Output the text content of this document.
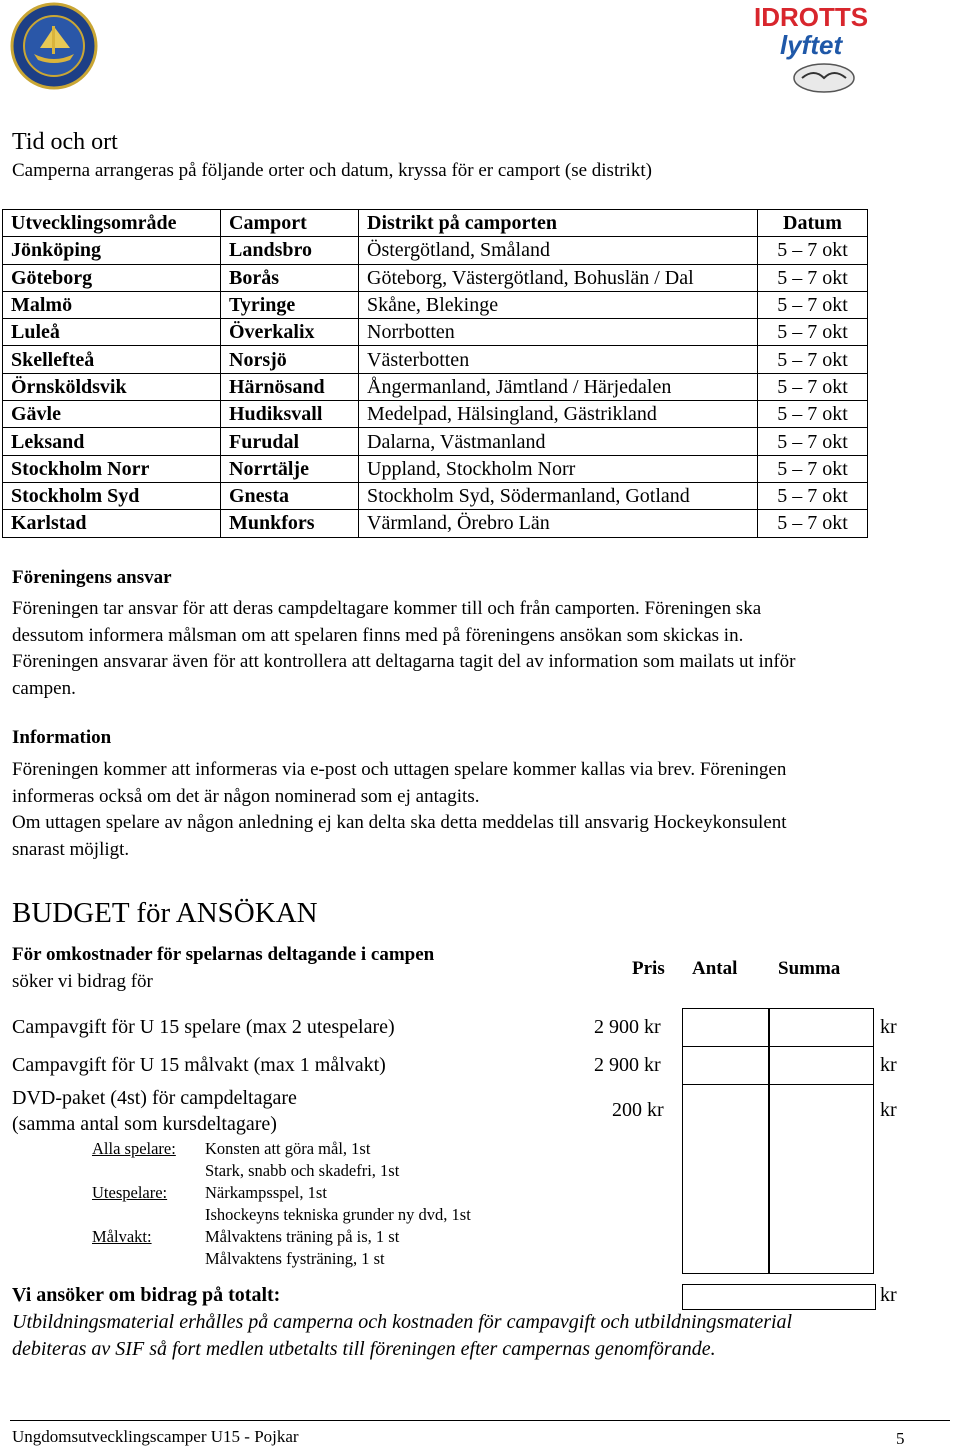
IDROTTS
lyftet
Tid och ort
Camperna arrangeras på följande orter och datum, kryssa för er camport (se distrikt)
Utvecklingsområde	Camport	Distrikt på camporten	Datum
Jönköping	Landsbro	Östergötland, Småland	5 – 7 okt
Göteborg	Borås	Göteborg, Västergötland, Bohuslän / Dal	5 – 7 okt
Malmö	Tyringe	Skåne, Blekinge	5 – 7 okt
Luleå	Överkalix	Norrbotten	5 – 7 okt
Skellefteå	Norsjö	Västerbotten	5 – 7 okt
Örnsköldsvik	Härnösand	Ångermanland, Jämtland / Härjedalen	5 – 7 okt
Gävle	Hudiksvall	Medelpad, Hälsingland, Gästrikland	5 – 7 okt
Leksand	Furudal	Dalarna, Västmanland	5 – 7 okt
Stockholm Norr	Norrtälje	Uppland, Stockholm Norr	5 – 7 okt
Stockholm Syd	Gnesta	Stockholm Syd, Södermanland, Gotland	5 – 7 okt
Karlstad	Munkfors	Värmland, Örebro Län	5 – 7 okt
Föreningens ansvar
Föreningen tar ansvar för att deras campdeltagare kommer till och från camporten. Föreningen ska
dessutom informera målsman om att spelaren finns med på föreningens ansökan som skickas in.
Föreningen ansvarar även för att kontrollera att deltagarna tagit del av information som mailats ut inför
campen.
Information
Föreningen kommer att informeras via e-post och uttagen spelare kommer kallas via brev. Föreningen
informeras också om det är någon nominerad som ej antagits.
Om uttagen spelare av någon anledning ej kan delta ska detta meddelas till ansvarig Hockeykonsulent
snarast möjligt.
BUDGET för ANSÖKAN
För omkostnader för spelarnas deltagande i campen
söker vi bidrag för
Pris Antal Summa
Campavgift för U 15 spelare (max 2 utespelare)	2 900 kr	kr
Campavgift för U 15 målvakt (max 1 målvakt)	2 900 kr	kr
DVD-paket (4st) för campdeltagare
(samma antal som kursdeltagare)
200 kr	kr
Alla spelare: Konsten att göra mål, 1st
Stark, snabb och skadefri, 1st
Utespelare: Närkampsspel, 1st
Ishockeyns tekniska grunder ny dvd, 1st
Målvakt:	Målvaktens träning på is, 1 st
Målvaktens fysträning, 1 st
Vi ansöker om bidrag på totalt:	kr
Utbildningsmaterial erhålles på camperna och kostnaden för campavgift och utbildningsmaterial
debiteras av SIF så fort medlen utbetalts till föreningen efter campernas genomförande.
Ungdomsutvecklingscamper U15 - Pojkar	5
